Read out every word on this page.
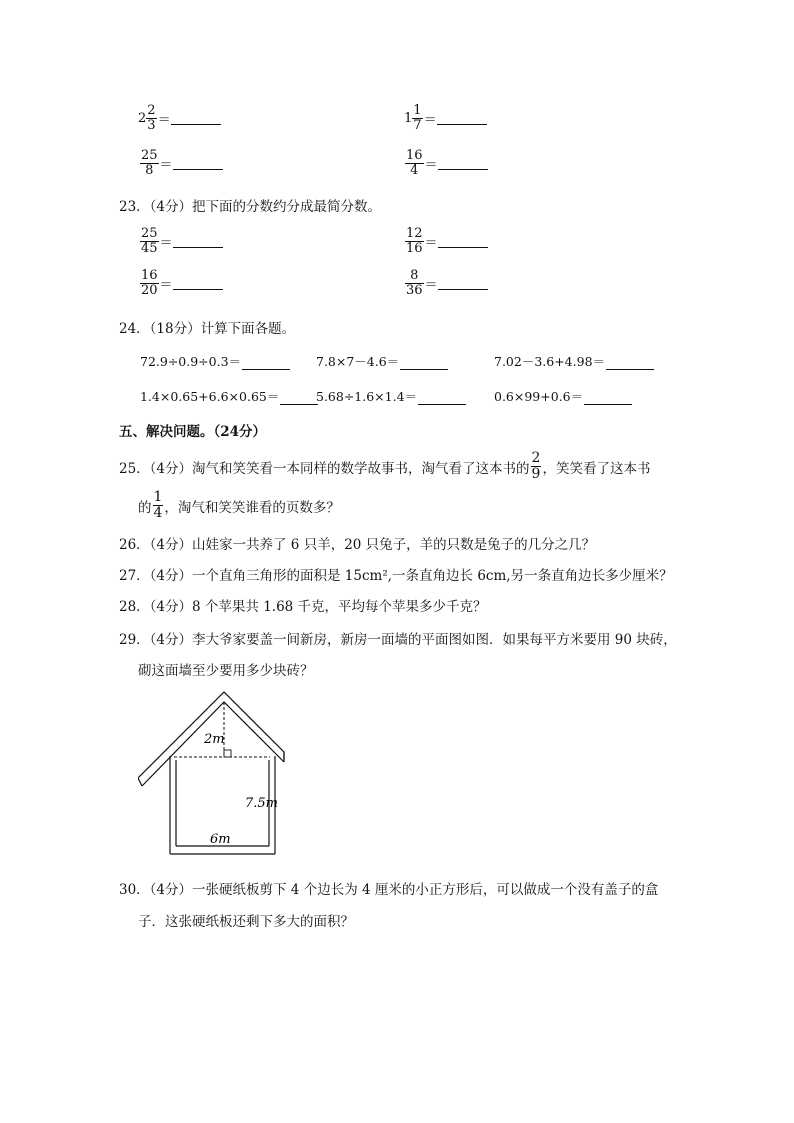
$2 \frac{2}{3}$ ＝	$1 \frac{1}{7}$ ＝
$\frac{25}{8}$ ＝	$\frac{16}{4}$ ＝
23．（4分）把下面的分数约分成最简分数。
$\frac{25}{45}$ ＝	$\frac{12}{16}$ ＝
$\frac{16}{20}$ ＝	$\frac{8}{36}$ ＝
24．（18分）计算下面各题。
72.9÷0.9÷0.3＝	7.8×7－4.6＝	7.02－3.6+4.98＝
1.4×0.65+6.6×0.65＝	5.68÷1.6×1.4＝	0.6×99+0.6＝
五、解决问题。（24分）
25．（4分）淘气和笑笑看一本同样的数学故事书，淘气看了这本书的 $\frac{2}{9}$ ，笑笑看了这本书
的 $\frac{1}{4}$ ，淘气和笑笑谁看的页数多？
26．（4分）山娃家一共养了 6 只羊，20 只兔子，羊的只数是兔子的几分之几？
27．（4分）一个直角三角形的面积是 15cm²,一条直角边长 6cm,另一条直角边长多少厘米？
28．（4分）8 个苹果共 1.68 千克，平均每个苹果多少千克？
29．（4分）李大爷家要盖一间新房，新房一面墙的平面图如图．如果每平方米要用 90 块砖，
砌这面墙至少要用多少块砖？
2m
7.5m
6m
30．（4分）一张硬纸板剪下 4 个边长为 4 厘米的小正方形后，可以做成一个没有盖子的盒
子．这张硬纸板还剩下多大的面积？
